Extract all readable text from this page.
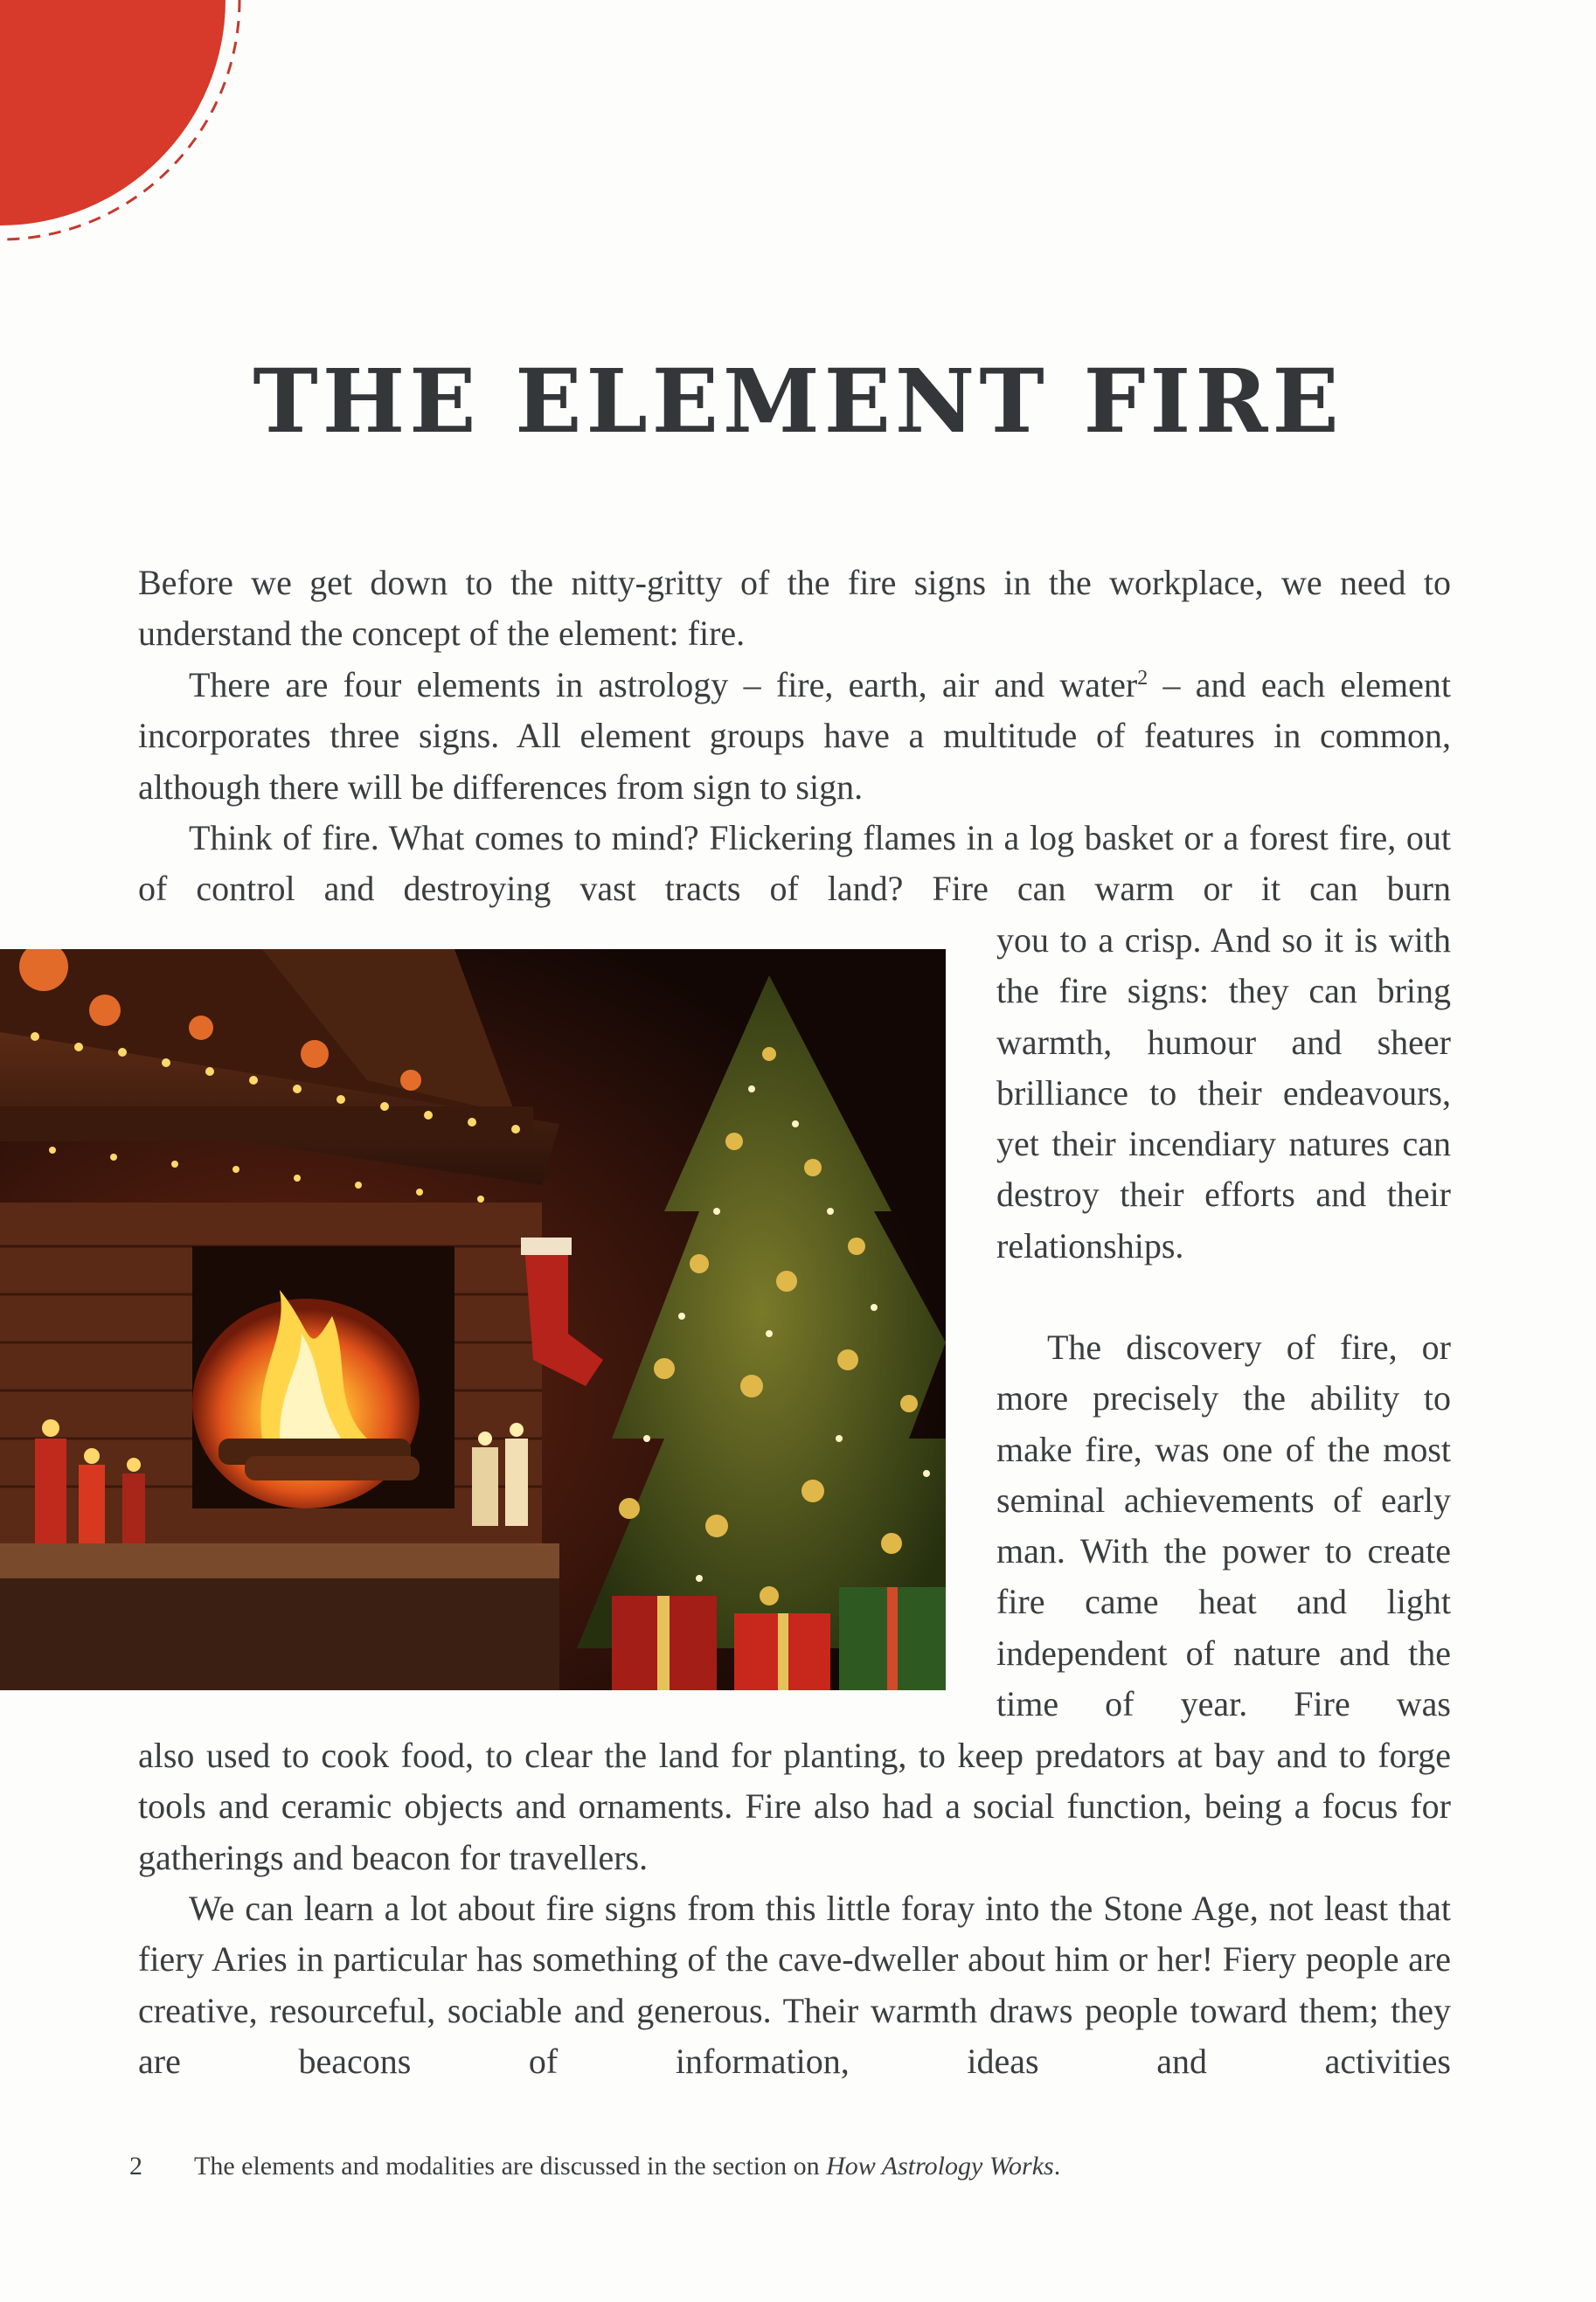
THE ELEMENT FIRE

Before we get down to the nitty-gritty of the fire signs in the workplace, we need to understand the concept of the element: fire.

There are four elements in astrology – fire, earth, air and water$^2$ – and each element incorporates three signs. All element groups have a multitude of features in common, although there will be differences from sign to sign.

Think of fire. What comes to mind? Flickering flames in a log basket or a forest fire, out of control and destroying vast tracts of land? Fire can warm or it can burn

you to a crisp. And so it is with the fire signs: they can bring warmth, humour and sheer brilliance to their endeavours, yet their incendiary natures can destroy their efforts and their relationships.

The discovery of fire, or more precisely the ability to make fire, was one of the most seminal achievements of early man. With the power to create fire came heat and light independent of nature and the time of year. Fire was

also used to cook food, to clear the land for planting, to keep predators at bay and to forge tools and ceramic objects and ornaments. Fire also had a social function, being a focus for gatherings and beacon for travellers.

We can learn a lot about fire signs from this little foray into the Stone Age, not least that fiery Aries in particular has something of the cave-dweller about him or her! Fiery people are creative, resourceful, sociable and generous. Their warmth draws people toward them; they are beacons of information, ideas and activities

2 The elements and modalities are discussed in the section on How Astrology Works.
